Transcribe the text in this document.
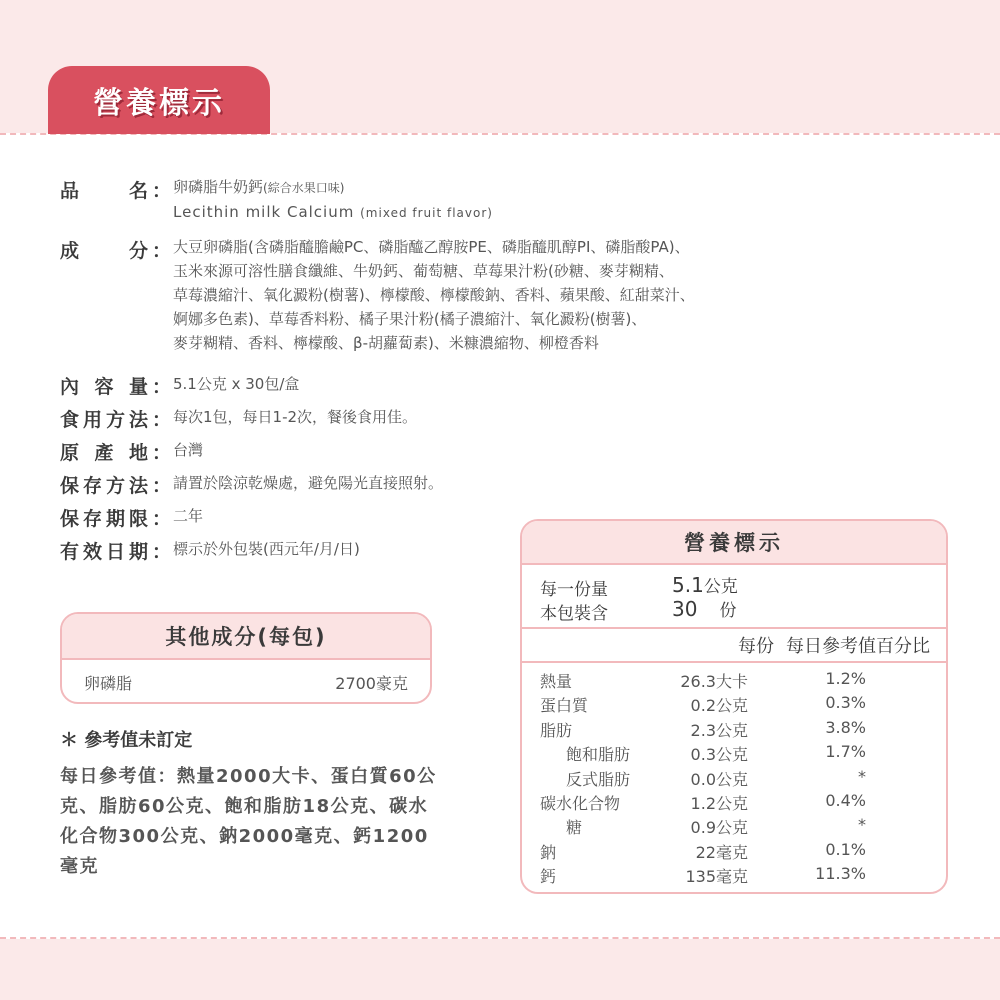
營養標示
品	名 ： 卵磷脂牛奶鈣(綜合水果口味)
Lecithin milk Calcium (mixed fruit flavor)
成	分 ： 大豆卵磷脂(含磷脂醯膽鹼PC、磷脂醯乙醇胺PE、磷脂醯肌醇PI、磷脂酸PA)、
玉米來源可溶性膳食纖維、牛奶鈣、葡萄糖、草莓果汁粉(砂糖、麥芽糊精、
草莓濃縮汁、氧化澱粉(樹薯)、檸檬酸、檸檬酸鈉、香料、蘋果酸、紅甜菜汁、
婀娜多色素)、草莓香料粉、橘子果汁粉(橘子濃縮汁、氧化澱粉(樹薯)、
麥芽糊精、香料、檸檬酸、β-胡蘿蔔素)、米糠濃縮物、柳橙香料
內 容 量 ： 5.1公克 x 30包/盒
食 用 方 法 ： 每次1包，每日1-2次，餐後食用佳。
原 產 地 ： 台灣
保 存 方 法 ： 請置於陰涼乾燥處，避免陽光直接照射。
保 存 期 限 ： 二年
有 效 日 期 ： 標示於外包裝(西元年/月/日)
其他成分(每包)
卵磷脂	2700豪克
＊ 參考值未訂定
每日參考值：熱量2000大卡、蛋白質60公克、脂肪60公克、飽和脂肪18公克、碳水化合物300公克、鈉2000毫克、鈣1200毫克
營養標示
每一份量	5.1公克
本包裝含	30 份
每份 每日參考值百分比
熱量	26.3大卡	1.2%
蛋白質	0.2公克	0.3%
脂肪	2.3公克	3.8%
飽和脂肪	0.3公克	1.7%
反式脂肪	0.0公克	*
碳水化合物	1.2公克	0.4%
糖	0.9公克	*
鈉	22毫克	0.1%
鈣	135毫克	11.3%
